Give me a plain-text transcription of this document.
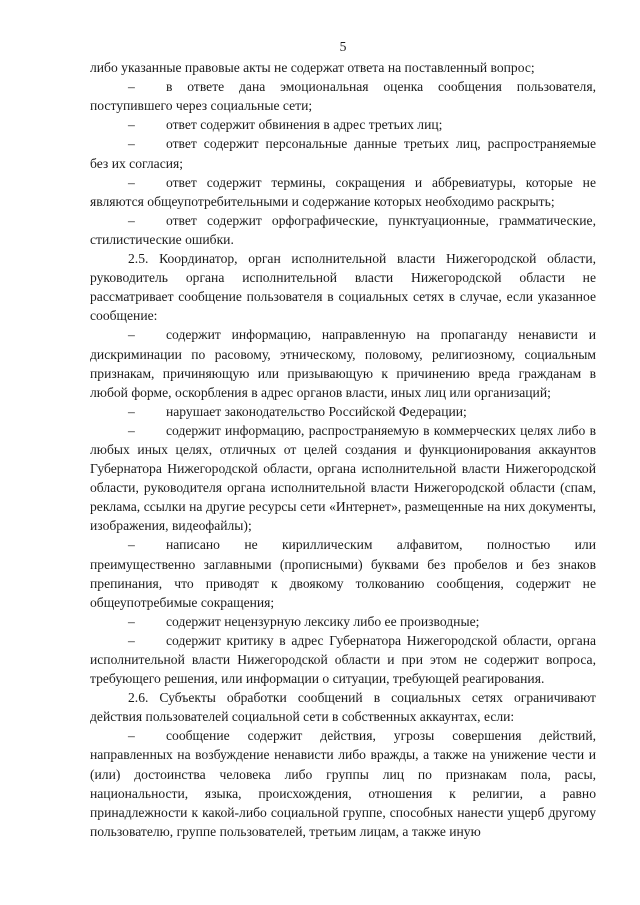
5

либо указанные правовые акты не содержат ответа на поставленный вопрос;

– в ответе дана эмоциональная оценка сообщения пользователя, поступившего через социальные сети;

– ответ содержит обвинения в адрес третьих лиц;

– ответ содержит персональные данные третьих лиц, распространяемые без их согласия;

– ответ содержит термины, сокращения и аббревиатуры, которые не являются общеупотребительными и содержание которых необходимо раскрыть;

– ответ содержит орфографические, пунктуационные, грамматические, стилистические ошибки.

2.5. Координатор, орган исполнительной власти Нижегородской области, руководитель органа исполнительной власти Нижегородской области не рассматривает сообщение пользователя в социальных сетях в случае, если указанное сообщение:

– содержит информацию, направленную на пропаганду ненависти и дискриминации по расовому, этническому, половому, религиозному, социальным признакам, причиняющую или призывающую к причинению вреда гражданам в любой форме, оскорбления в адрес органов власти, иных лиц или организаций;

– нарушает законодательство Российской Федерации;

– содержит информацию, распространяемую в коммерческих целях либо в любых иных целях, отличных от целей создания и функционирования аккаунтов Губернатора Нижегородской области, органа исполнительной власти Нижегородской области, руководителя органа исполнительной власти Нижегородской области (спам, реклама, ссылки на другие ресурсы сети «Интернет», размещенные на них документы, изображения, видеофайлы);

– написано не кириллическим алфавитом, полностью или преимущественно заглавными (прописными) буквами без пробелов и без знаков препинания, что приводят к двоякому толкованию сообщения, содержит не общеупотребимые сокращения;

– содержит нецензурную лексику либо ее производные;

– содержит критику в адрес Губернатора Нижегородской области, органа исполнительной власти Нижегородской области и при этом не содержит вопроса, требующего решения, или информации о ситуации, требующей реагирования.

2.6. Субъекты обработки сообщений в социальных сетях ограничивают действия пользователей социальной сети в собственных аккаунтах, если:

– сообщение содержит действия, угрозы совершения действий, направленных на возбуждение ненависти либо вражды, а также на унижение чести и (или) достоинства человека либо группы лиц по признакам пола, расы, национальности, языка, происхождения, отношения к религии, а равно принадлежности к какой-либо социальной группе, способных нанести ущерб другому пользователю, группе пользователей, третьим лицам, а также иную
